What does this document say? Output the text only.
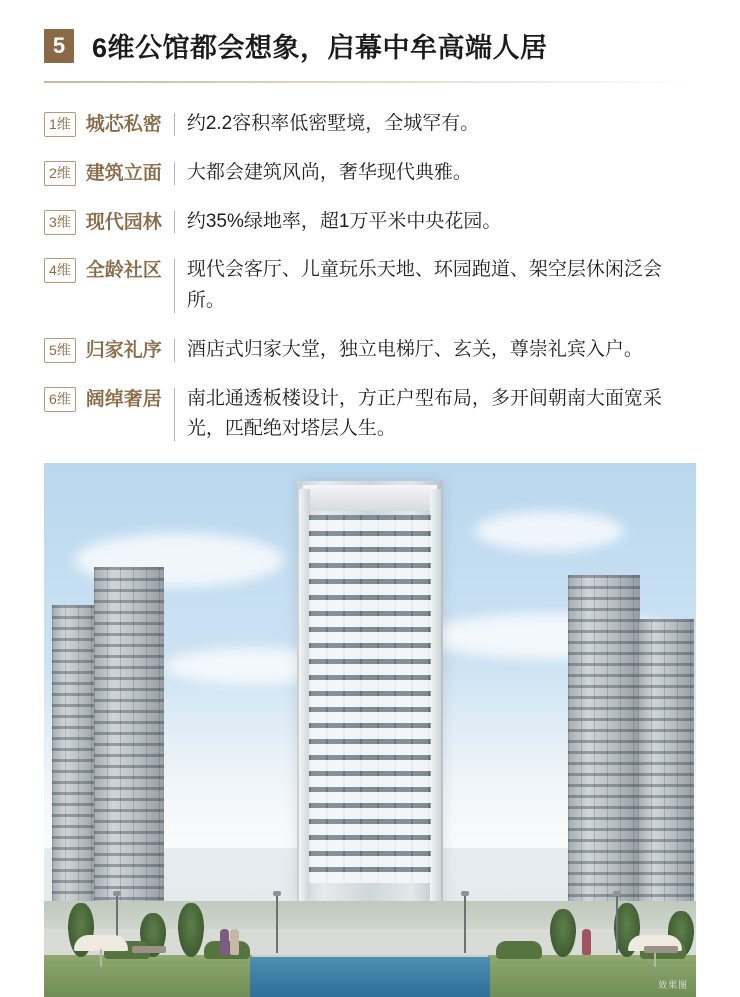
5 6维公馆都会想象，启幕中牟高端人居
1维 城芯私密 约2.2容积率低密墅境，全城罕有。
2维 建筑立面 大都会建筑风尚，奢华现代典雅。
3维 现代园林 约35%绿地率，超1万平米中央花园。
4维 全龄社区 现代会客厅、儿童玩乐天地、环园跑道、架空层休闲泛会所。
5维 归家礼序 酒店式归家大堂，独立电梯厅、玄关，尊崇礼宾入户。
6维 阔绰奢居 南北通透板楼设计，方正户型布局，多开间朝南大面宽采光，匹配绝对塔层人生。
效果图
